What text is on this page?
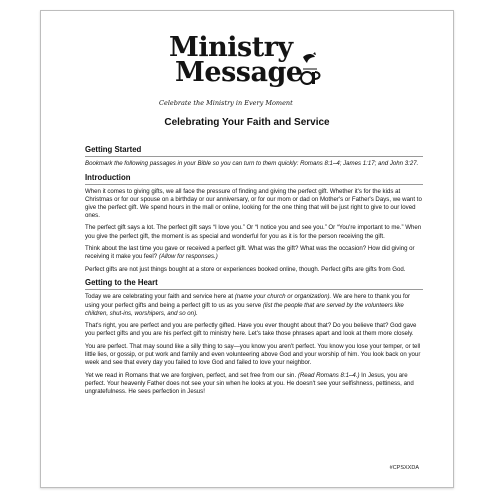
Ministry
Message
Celebrate the Ministry in Every Moment
Celebrating Your Faith and Service
Getting Started

Bookmark the following passages in your Bible so you can turn to them quickly: Romans 8:1–4; James 1:17; and John 3:27.

Introduction

When it comes to giving gifts, we all face the pressure of finding and giving the perfect gift. Whether it's for the kids at Christmas or for our spouse on a birthday or our anniversary, or for our mom or dad on Mother's or Father's Days, we want to give the perfect gift. We spend hours in the mall or online, looking for the one thing that will be just right to give to our loved ones.

The perfect gift says a lot. The perfect gift says “I love you.” Or “I notice you and see you.” Or “You're important to me.” When you give the perfect gift, the moment is as special and wonderful for you as it is for the person receiving the gift.

Think about the last time you gave or received a perfect gift. What was the gift? What was the occasion? How did giving or receiving it make you feel? (Allow for responses.)

Perfect gifts are not just things bought at a store or experiences booked online, though. Perfect gifts are gifts from God.

Getting to the Heart

Today we are celebrating your faith and service here at (name your church or organization). We are here to thank you for using your perfect gifts and being a perfect gift to us as you serve (list the people that are served by the volunteers like children, shut-ins, worshipers, and so on).

That's right, you are perfect and you are perfectly gifted. Have you ever thought about that? Do you believe that? God gave you perfect gifts and you are his perfect gift to ministry here. Let's take those phrases apart and look at them more closely.

You are perfect. That may sound like a silly thing to say—you know you aren't perfect. You know you lose your temper, or tell little lies, or gossip, or put work and family and even volunteering above God and your worship of him. You look back on your week and see that every day you failed to love God and failed to love your neighbor.

Yet we read in Romans that we are forgiven, perfect, and set free from our sin. (Read Romans 8:1–4.) In Jesus, you are perfect. Your heavenly Father does not see your sin when he looks at you. He doesn't see your selfishness, pettiness, and ungratefulness. He sees perfection in Jesus!

#CPSXXDA
